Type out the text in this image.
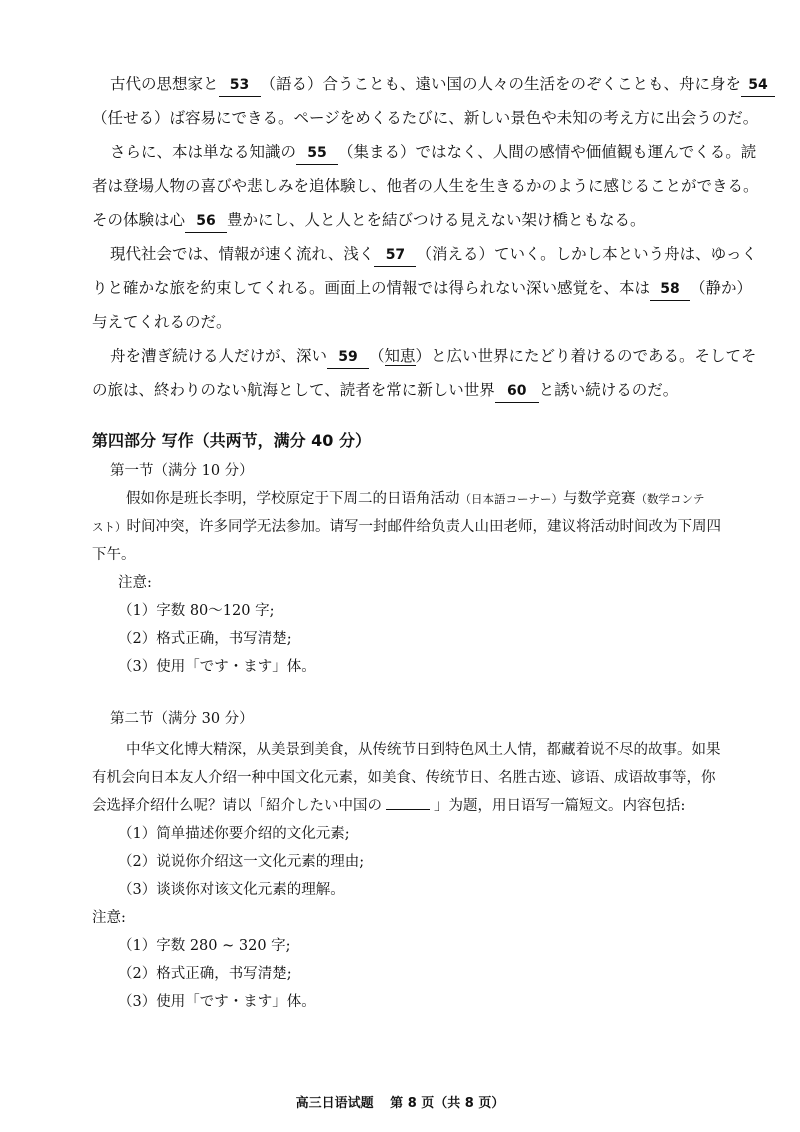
古代の思想家と 53 （語る）合うことも、遠い国の人々の生活をのぞくことも、舟に身を 54
（任せる）ば容易にできる。ページをめくるたびに、新しい景色や未知の考え方に出会うのだ。
さらに、本は単なる知識の 55 （集まる）ではなく、人間の感情や価値観も運んでくる。読
者は登場人物の喜びや悲しみを追体験し、他者の人生を生きるかのように感じることができる。
その体験は心 56 豊かにし、人と人とを結びつける見えない架け橋ともなる。
現代社会では、情報が速く流れ、浅く 57 （消える）ていく。しかし本という舟は、ゆっく
りと確かな旅を約束してくれる。画面上の情報では得られない深い感覚を、本は 58 （静か）
与えてくれるのだ。
舟を漕ぎ続ける人だけが、深い 59 （知恵）と広い世界にたどり着けるのである。そしてそ
の旅は、終わりのない航海として、読者を常に新しい世界 60 と誘い続けるのだ。
第四部分 写作（共两节，满分 40 分）
第一节（满分 10 分）
假如你是班长李明，学校原定于下周二的日语角活动（日本語コーナー）与数学竞赛（数学コンテ
スト）时间冲突，许多同学无法参加。请写一封邮件给负责人山田老师，建议将活动时间改为下周四
下午。
注意:
（1）字数 80～120 字;
（2）格式正确，书写清楚;
（3）使用「です・ます」体。
第二节（满分 30 分）
中华文化博大精深，从美景到美食，从传统节日到特色风土人情，都藏着说不尽的故事。如果
有机会向日本友人介绍一种中国文化元素，如美食、传统节日、名胜古迹、谚语、成语故事等，你
会选择介绍什么呢？请以「紹介したい中国の	」为题，用日语写一篇短文。内容包括:
（1）简单描述你要介绍的文化元素;
（2）说说你介绍这一文化元素的理由;
（3）谈谈你对该文化元素的理解。
注意:
（1）字数 280 ~ 320 字;
（2）格式正确，书写清楚;
（3）使用「です・ます」体。
高三日语试题 第 8 页（共 8 页）
